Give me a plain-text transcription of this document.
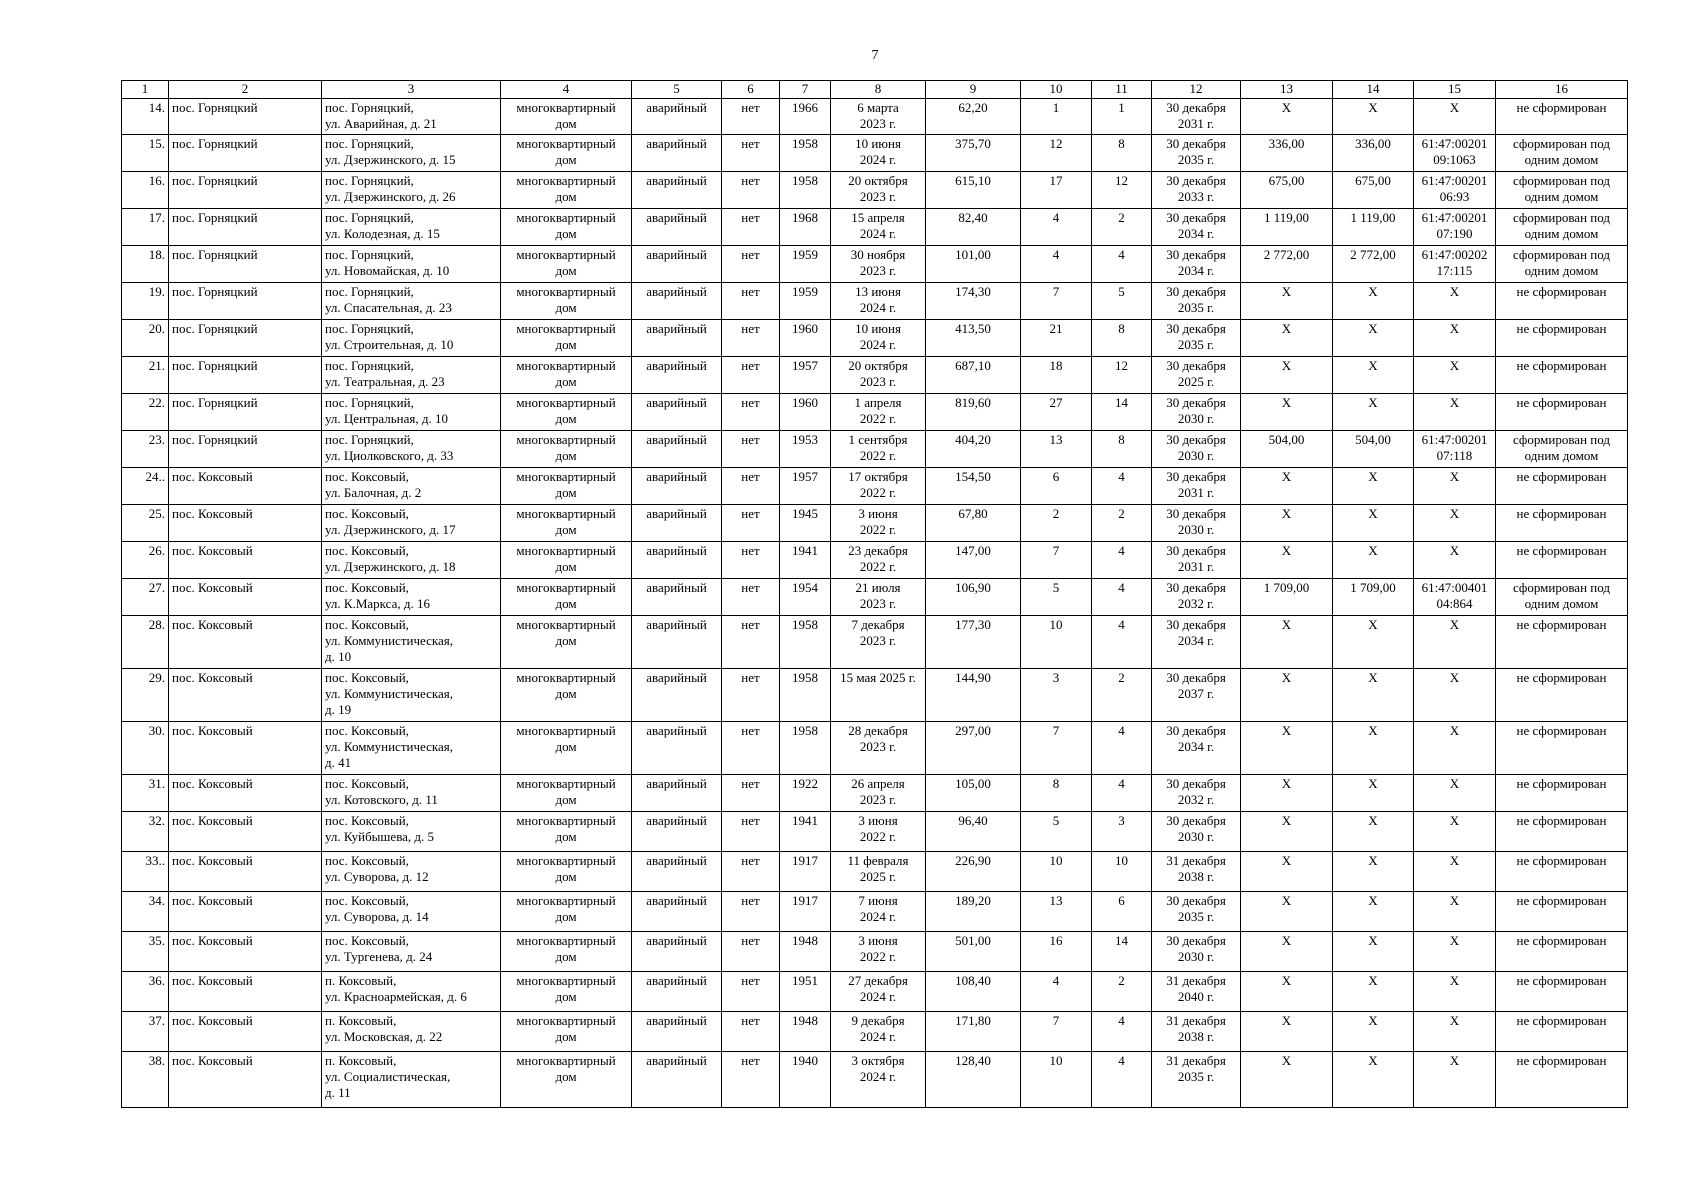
7
1	2	3	4	5	6	7	8	9	10	11	12	13	14	15	16
14.	пос. Горняцкий	пос. Горняцкий,
ул. Аварийная, д. 21	многоквартирный
дом	аварийный	нет	1966	6 марта
2023 г.	62,20	1	1	30 декабря
2031 г.	X	X	X	не сформирован
15.	пос. Горняцкий	пос. Горняцкий,
ул. Дзержинского, д. 15	многоквартирный
дом	аварийный	нет	1958	10 июня
2024 г.	375,70	12	8	30 декабря
2035 г.	336,00	336,00	61:47:00201
09:1063	сформирован под
одним домом
16.	пос. Горняцкий	пос. Горняцкий,
ул. Дзержинского, д. 26	многоквартирный
дом	аварийный	нет	1958	20 октября
2023 г.	615,10	17	12	30 декабря
2033 г.	675,00	675,00	61:47:00201
06:93	сформирован под
одним домом
17.	пос. Горняцкий	пос. Горняцкий,
ул. Колодезная, д. 15	многоквартирный
дом	аварийный	нет	1968	15 апреля
2024 г.	82,40	4	2	30 декабря
2034 г.	1 119,00	1 119,00	61:47:00201
07:190	сформирован под
одним домом
18.	пос. Горняцкий	пос. Горняцкий,
ул. Новомайская, д. 10	многоквартирный
дом	аварийный	нет	1959	30 ноября
2023 г.	101,00	4	4	30 декабря
2034 г.	2 772,00	2 772,00	61:47:00202
17:115	сформирован под
одним домом
19.	пос. Горняцкий	пос. Горняцкий,
ул. Спасательная, д. 23	многоквартирный
дом	аварийный	нет	1959	13 июня
2024 г.	174,30	7	5	30 декабря
2035 г.	X	X	X	не сформирован
20.	пос. Горняцкий	пос. Горняцкий,
ул. Строительная, д. 10	многоквартирный
дом	аварийный	нет	1960	10 июня
2024 г.	413,50	21	8	30 декабря
2035 г.	X	X	X	не сформирован
21.	пос. Горняцкий	пос. Горняцкий,
ул. Театральная, д. 23	многоквартирный
дом	аварийный	нет	1957	20 октября
2023 г.	687,10	18	12	30 декабря
2025 г.	X	X	X	не сформирован
22.	пос. Горняцкий	пос. Горняцкий,
ул. Центральная, д. 10	многоквартирный
дом	аварийный	нет	1960	1 апреля
2022 г.	819,60	27	14	30 декабря
2030 г.	X	X	X	не сформирован
23.	пос. Горняцкий	пос. Горняцкий,
ул. Циолковского, д. 33	многоквартирный
дом	аварийный	нет	1953	1 сентября
2022 г.	404,20	13	8	30 декабря
2030 г.	504,00	504,00	61:47:00201
07:118	сформирован под
одним домом
24..	пос. Коксовый	пос. Коксовый,
ул. Балочная, д. 2	многоквартирный
дом	аварийный	нет	1957	17 октября
2022 г.	154,50	6	4	30 декабря
2031 г.	X	X	X	не сформирован
25.	пос. Коксовый	пос. Коксовый,
ул. Дзержинского, д. 17	многоквартирный
дом	аварийный	нет	1945	3 июня
2022 г.	67,80	2	2	30 декабря
2030 г.	X	X	X	не сформирован
26.	пос. Коксовый	пос. Коксовый,
ул. Дзержинского, д. 18	многоквартирный
дом	аварийный	нет	1941	23 декабря
2022 г.	147,00	7	4	30 декабря
2031 г.	X	X	X	не сформирован
27.	пос. Коксовый	пос. Коксовый,
ул. К.Маркса, д. 16	многоквартирный
дом	аварийный	нет	1954	21 июля
2023 г.	106,90	5	4	30 декабря
2032 г.	1 709,00	1 709,00	61:47:00401
04:864	сформирован под
одним домом
28.	пос. Коксовый	пос. Коксовый,
ул. Коммунистическая,
д. 10	многоквартирный
дом	аварийный	нет	1958	7 декабря
2023 г.	177,30	10	4	30 декабря
2034 г.	X	X	X	не сформирован
29.	пос. Коксовый	пос. Коксовый,
ул. Коммунистическая,
д. 19	многоквартирный
дом	аварийный	нет	1958	15 мая 2025 г.	144,90	3	2	30 декабря
2037 г.	X	X	X	не сформирован
30.	пос. Коксовый	пос. Коксовый,
ул. Коммунистическая,
д. 41	многоквартирный
дом	аварийный	нет	1958	28 декабря
2023 г.	297,00	7	4	30 декабря
2034 г.	X	X	X	не сформирован
31.	пос. Коксовый	пос. Коксовый,
ул. Котовского, д. 11	многоквартирный
дом	аварийный	нет	1922	26 апреля
2023 г.	105,00	8	4	30 декабря
2032 г.	X	X	X	не сформирован
32.	пос. Коксовый	пос. Коксовый,
ул. Куйбышева, д. 5	многоквартирный
дом	аварийный	нет	1941	3 июня
2022 г.	96,40	5	3	30 декабря
2030 г.	X	X	X	не сформирован
33..	пос. Коксовый	пос. Коксовый,
ул. Суворова, д. 12	многоквартирный
дом	аварийный	нет	1917	11 февраля
2025 г.	226,90	10	10	31 декабря
2038 г.	X	X	X	не сформирован
34.	пос. Коксовый	пос. Коксовый,
ул. Суворова, д. 14	многоквартирный
дом	аварийный	нет	1917	7 июня
2024 г.	189,20	13	6	30 декабря
2035 г.	X	X	X	не сформирован
35.	пос. Коксовый	пос. Коксовый,
ул. Тургенева, д. 24	многоквартирный
дом	аварийный	нет	1948	3 июня
2022 г.	501,00	16	14	30 декабря
2030 г.	X	X	X	не сформирован
36.	пос. Коксовый	п. Коксовый,
ул. Красноармейская, д. 6	многоквартирный
дом	аварийный	нет	1951	27 декабря
2024 г.	108,40	4	2	31 декабря
2040 г.	X	X	X	не сформирован
37.	пос. Коксовый	п. Коксовый,
ул. Московская, д. 22	многоквартирный
дом	аварийный	нет	1948	9 декабря
2024 г.	171,80	7	4	31 декабря
2038 г.	X	X	X	не сформирован
38.	пос. Коксовый	п. Коксовый,
ул. Социалистическая,
д. 11	многоквартирный
дом	аварийный	нет	1940	3 октября
2024 г.	128,40	10	4	31 декабря
2035 г.	X	X	X	не сформирован
